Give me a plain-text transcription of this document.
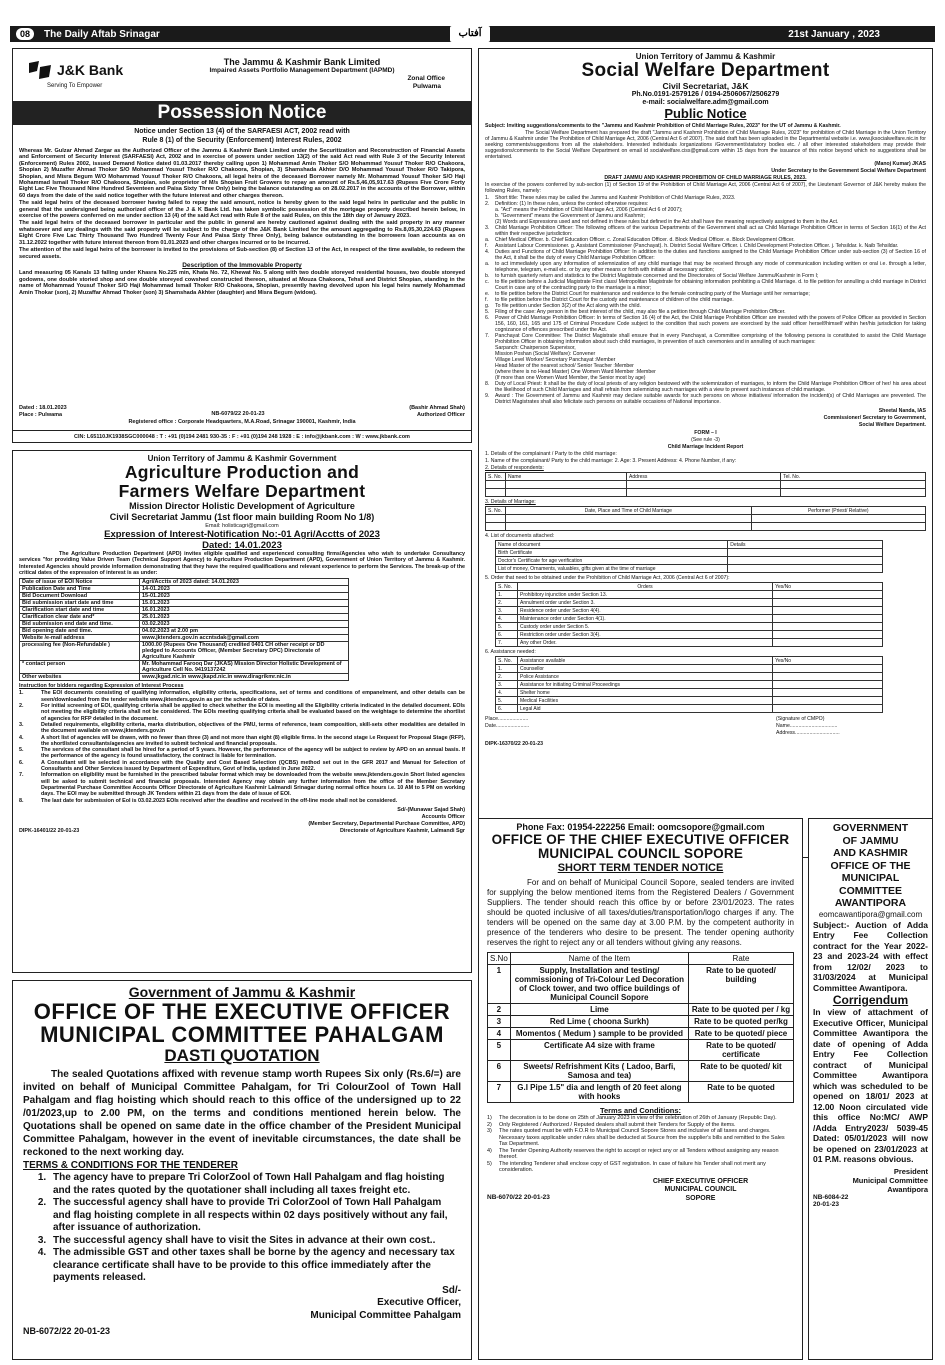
08	The Daily Aftab Srinagar	آفتاب	21st January , 2023
J&K Bank
Serving To Empower
The Jammu & Kashmir Bank Limited
Impaired Assets Portfolio Management Department (IAPMD)
Zonal Office
Pulwama
Possession Notice
Notice under Section 13 (4) of the SARFAESI ACT, 2002 read with
Rule 8 (1) of the Security (Enforcement) Interest Rules, 2002

Whereas Mr. Gulzar Ahmad Zargar as the Authorized Officer of the Jammu & Kashmir Bank Limited under the Securitization and Reconstruction of Financial Assets and Enforcement of Security Interest (SARFAESI) Act, 2002 and in exercise of powers under section 13(2) of the said Act read with Rule 3 of the Security Interest (Enforcement) Rules 2002, issued Demand Notice dated 01.03.2017 thereby calling upon 1) Mohammad Amin Thoker S/O Mohammad Yousuf Thoker R/O Chakoora, Shopian 2) Muzaffer Ahmad Thoker S/O Mohammad Yousuf Thoker R/O Chakoora, Shopian, 3) Shamshada Akhter D/O Mohammad Yousuf Thoker R/O Takipora, Shopian, and Misra Begum W/O Mohammad Yousuf Thoker R/O Chakoora, all legal heirs of the deceased Borrower namely Mr. Mohammad Yousuf Thoker S/O Haji Mohammad Ismail Thoker R/O Chakoora, Shopian, sole proprietor of M/s Shopian Fruit Growers to repay an amount of Rs.5,46,05,917.63 (Rupees Five Crore Forty Eight Lac Five Thousand Nine Hundred Seventeen and Paisa Sixty Three Only) being the balance outstanding as on 28.02.2017 in the accounts of the Borrower, within 60 days from the date of the said notice together with the future interest and other charges thereon.

The said legal heirs of the deceased borrower having failed to repay the said amount, notice is hereby given to the said legal heirs in particular and the public in general that the undersigned being authorized officer of the J & K Bank Ltd. has taken symbolic possession of the mortgage property described herein below, in exercise of the powers conferred on me under section 13 (4) of the said Act read with Rule 8 of the said Rules, on this the 18th day of January 2023.

The said legal heirs of the deceased borrower in particular and the public in general are hereby cautioned against dealing with the said property in any manner whatsoever and any dealings with the said property will be subject to the charge of the J&K Bank Limited for the amount aggregating to Rs.8,05,30,224.63 (Rupees Eight Crore Five Lac Thirty Thousand Two Hundred Twenty Four And Paisa Sixty Three Only), being balance outstanding in the borrowers loan accounts as on 31.12.2022 together with future interest thereon from 01.01.2023 and other charges incurred or to be incurred.

The attention of the said legal heirs of the borrower is invited to the provisions of Sub-section (8) of Section 13 of the Act, in respect of the time available, to redeem the secured assets.

Description of the Immovable Property

Land measuring 05 Kanals 13 falling under Khasra No.225 min, Khata No. 72, Khewat No. 5 along with two double storeyed residential houses, two double storeyed godowns, one double storied shop and one double storeyed cowshed constructed thereon, situated at Mouza Chakoora, Tehsil and District Shopian, standing in the name of Mohammad Yousuf Thoker S/O Haji Mohammad Ismail Thoker R/O Chakoora, Shopian, presently having devolved upon his legal heirs namely Mohammad Amin Thokar (son), 2) Muzaffar Ahmad Thoker (son) 3) Shamshada Akhter (daughter) and Misra Begum (widow).

Dated : 18.01.2023
Place : Pulwama	NB-6079/22 20-01-23
(Bashir Ahmad Shah)
Authorized Officer
Registered office : Corporate Headquarters, M.A.Road, Srinagar 190001, Kashmir, India
CIN: L65110JK1938SGC000048 : T : +91 (0)194 2481 930-35 : F : +91 (0)194 248 1928 : E : info@jkbank.com : W : www.jkbank.com
Union Territory of Jammu & Kashmir
Social Welfare Department
Civil Secretariat, J&K
Ph.No.0191-2579126 / 0194-2506067/2506279
e-mail: socialwelfare.adm@gmail.com
Public Notice

Subject: Inviting suggestions/comments to the "Jammu and Kashmir Prohibition of Child Marriage Rules, 2023" for the UT of Jammu & Kashmir.

The Social Welfare Department has prepared the draft "Jammu and Kashmir Prohibition of Child Marriage Rules, 2023" for prohibition of Child Marriage in the Union Territory of Jammu & Kashmir under The Prohibition of Child Marriage Act, 2006 (Central Act 6 of 2007). The said draft has been uploaded in the Departmental website i.e. www.jksocialwelfare.nic.in for seeking comments/suggestions from all the stakeholders. Interested individuals /organizations /Government/statutory bodies etc. / all other interested stakeholders may provide their suggestions/comments to the Social Welfare Department on email id socialwelfare.ciss@gmail.com within 15 days from the issuance of this notice beyond which no suggestions shall be entertained.

(Manoj Kumar) JKAS

Under Secretary to the Government Social Welfare Department

DRAFT JAMMU AND KASHMIR PROHIBITION OF CHILD MARRIAGE RULES, 2023.

In exercise of the powers conferred by sub-section (1) of Section 19 of the Prohibition of Child Marriage Act, 2006 (Central Act 6 of 2007), the Lieutenant Governor of J&K hereby makes the following Rules, namely:

1.	Short title: These rules may be called the Jammu and Kashmir Prohibition of Child Marriage Rules, 2023.
2.	Definition: (1) In these rules, unless the context otherwise requires:
a. "Act" means the Prohibition of Child Marriage Act, 2006 (Central Act 6 of 2007);
b. "Government" means the Government of Jammu and Kashmir;
(2) Words and Expressions used and not defined in these rules but defined in the Act shall have the meaning respectively assigned to them in the Act.
3.	Child Marriage Prohibition Officer: The following officers of the various Departments of the Government shall act as Child Marriage Prohibition Officer in terms of Section 16(1) of the Act within their respective jurisdiction:
a.	Chief Medical Officer. b. Chief Education Officer. c. Zonal Education Officer. d. Block Medical Officer. e. Block Development Officer.
f.	Assistant Labour Commissioner. g. Assistant Commissioner (Panchayat). h. District Social Welfare Officer. i. Child Development Protection Officer. j. Tehsildar. k. Naib Tehsildar.
4.	Duties and Functions of Child Marriage Prohibition Officer: In addition to the duties and functions assigned to the Child Marriage Prohibition Officer under sub-section (3) of Section 16 of the Act, it shall be the duty of every Child Marriage Prohibition Officer:
a.	to act immediately upon any information of solemnization of any child marriage that may be received through any mode of communication including written or oral i.e. through a letter, telephone, telegram, e-mail etc. or by any other means or forth with initiate all necessary action;
b.	to furnish quarterly return and statistics to the District Magistrate concerned and the Directorates of Social Welfare Jammu/Kashmir in Form I;
c.	to file petition before a Judicial Magistrate First class/ Metropolitan Magistrate for obtaining information prohibiting a Child Marriage. d. to file petition for annulling a child marriage in District Court in case any of the contracting party to the marriage is a minor;
e.	to file petition before the District Court for maintenance and residence to the female contracting party of the Marriage until her remarriage;
f.	to file petition before the District Court for the custody and maintenance of children of the child marriage.
g.	To file petition under Section 3(2) of the Act along with the child.
5.	Filing of the case: Any person in the best interest of the child, may also file a petition through Child Marriage Prohibition Officer.
6.	Power of Child Marriage Prohibition Officer: In terms of Section 16 (4) of the Act, the Child Marriage Prohibition Officer are invested with the powers of Police Officer as provided in Section 156, 160, 161, 165 and 175 of Criminal Procedure Code subject to the condition that such powers are exercised by the said officer herself/himself within her/his jurisdiction for taking cognizance of offences prescribed under the Act.
7.	Panchayat Core Committee: The District Magistrate shall ensure that in every Panchayat, a Committee comprising of the following persons is constituted to assist the Child Marriage Prohibition Officer in obtaining information about such child marriages, in prevention of such ceremonies and in annulling of such marriages:
Sarpanch: Chairperson Supervisor,
Mission Poshan (Social Welfare): Convener
Village Level Worker/ Secretary Panchayat :Member
Head Master of the nearest school/ Senior Teacher :Member
(where there is no Head Master) One Women Ward Member :Member
(If more than one Women Ward Member, the Senior most by age)
8.	Duty of Local Priest: It shall be the duty of local priests of any religion bestowed with the solemnization of marriages, to inform the Child Marriage Prohibition Officer of her/ his area about the likelihood of such Child Marriages and shall refrain from solemnizing such marriages with a view to prevent such instances of child marriage.
9.	Award : The Government of Jammu and Kashmir may declare suitable awards for such persons on whose initiatives/ information the incident(s) of Child Marriages are prevented. The District Magistrates shall also felicitate such persons on suitable occasions of National importance.

Sheetal Nanda, IAS

Commissioner/ Secretary to Government,

Social Welfare Department.

FORM – I

(See rule -3)

Child Marriage Incident Report

1. Details of the complainant / Party to the child marriage:

1. Name of the complainant/ Party to the child marriage: 2. Age: 3. Present Address: 4. Phone Number, if any:

2. Details of respondents:

S. No.	Name	Address	Tel. No.

3. Details of Marriage:

S. No.	Date, Place and Time of Child Marriage	Performer (Priest/ Relative)

4. List of documents attached:

Name of document	Details
Birth Certificate	
Doctor's Certificate for age verification	
List of money, Ornaments, valuables, gifts given at the time of marriage	

5. Order that need to be obtained under the Prohibition of Child Marriage Act, 2006 (Central Act 6 of 2007):

S. No.	Orders	Yes/No
1.	Prohibitory injunction under Section 13.	
2.	Annulment order under Section 3.	
3.	Residence order under Section 4(4).	
4.	Maintenance order under Section 4(1).	
5.	Custody order under Section 5.	
6.	Restriction order under Section 3(4).	
7.	Any other Order.	

6. Assistance needed:

S. No.	Assistance available	Yes/No
1.	Counsellor	
2.	Police Assistance	
3.	Assistance for initiating Criminal Proceedings	
4.	Shelter home	
5.	Medical Facilities	
6.	Legal Aid	

Place.....................

Date.......................

(Signature of CMPO)

Name.................................

Address...............................

DIPK-16370/22 20-01-23

Union Territory of Jammu & Kashmir Government
Agriculture Production and
Farmers Welfare Department
Mission Director Holistic Development of Agriculture
Civil Secretariat Jammu (1st floor main building Room No 1/8)
Email: holisticagri@gmail.com
Expression of Interest-Notification No:-01 Agri/Acctts of 2023
Dated: 14.01.2023

The Agriculture Production Department (APD) invites eligible qualified and experienced consulting firms/Agencies who wish to undertake Consultancy services "for providing Value Driven Team (Technical Support Agency) to Agriculture Production Department (APD), Government of Union Territory of Jammu & Kashmir. Interested Agencies should provide information demonstrating that they have the required qualifications and relevant experience to perform the Services. The break-up of the critical dates of the expression of interest is as under:

Date of issue of EOI Notice	Agri/Acctts of 2023 dated: 14.01.2023
Publication Date and Time	14-01.2023
Bid Document Download	15-01.2023
Bid submission start date and time	15.01.2023
Clarification start date and time	16.01.2023
Clarification clear date and*	25.01.2023
Bid submission end date and time.	03.02.2023
Bid opening date and time.	04.02.2023 at 2.00 pm
Website /e-mail address	www.jktenders.gov.in accntsdak@gmail.com
processing fee (Non-Refundable )	1000.00 (Rupees One Thousand) credited 0401 CH other receipt or DD pledged to Accounts Officer, (Member Secretary DPC) Directorate of Agriculture Kashmir
* contact person	Mr. Mohammad Farooq Dar (JKAS) Mission Director Holistic Development of Agriculture Cell No. 9419137242
Other websites	www.jkgad.nic.in www.jkapd.nic.in www.diragrikmr.nic.in

Instruction for bidders regarding Expression of Interest Process

1.	The EOI documents consisting of qualifying information, eligibility criteria, specifications, set of terms and conditions of empanelment, and other details can be seen/downloaded from the tender website www.jktenders.gov.in as per the schedule of dates.
2.	For initial screening of EOI, qualifying criteria shall be applied to check whether the EOI is meeting all the Eligibility criteria indicated in the detailed document. EOIs not meeting the eligibility criteria shall not be considered. The EOIs meeting qualifying criteria shall be evaluated based on the weightage to determine the shortlist of agencies for RFP detailed in the document.
3.	Detailed requirements, eligibility criteria, marks distribution, objectives of the PMU, terms of reference, team composition, skill-sets other modalities are detailed in the document available on www.jktenders.gov.in
4.	A short list of agencies will be drawn, with no fewer than three (3) and not more than eight (8) eligible firms. In the second stage i.e Request for Proposal Stage (RFP), the shortlisted consultants/agencies are invited to submit technical and financial proposals.
5.	The services of the consultant shall be hired for a period of 5 years. However, the performance of the agency will be subject to review by APD on an annual basis. If the performance of the agency is found unsatisfactory, the contract is liable for termination.
6.	A Consultant will be selected in accordance with the Quality and Cost Based Selection (QCBS) method set out in the GFR 2017 and Manual for Selection of Consultants and Other Services issued by Department of Expenditure, Govt of India, updated in June 2022.
7.	Information on eligibility must be furnished in the prescribed tabular format which may be downloaded from the website www.jktenders.gov.in Short listed agencies will be asked to submit technical and financial proposals. Interested Agency may obtain any further information from the office of the Member Secretary Departmental Purchase Committee Accounts Officer Directorate of Agriculture Kashmir Lalmandi Srinagar during normal office hours i.e. 10 AM to 5 PM on working days. The EOI may be submitted through JK Tenders within 21 days from the date of issue of EOI.
8.	The last date for submission of EoI is 03.02.2023 EOIs received after the deadline and received in the off-line mode shall not be considered.

Sd/-(Munawar Sajad Shah)

Accounts Officer

(Member Secretary, Departmental Purchase Committee, APD)
DIPK-16401/22 20-01-23	Directorate of Agriculture Kashmir, Lalmandi Sgr
Government of Jammu & Kashmir
OFFICE OF THE EXECUTIVE OFFICER
MUNICIPAL COMMITTEE PAHALGAM
DASTI QUOTATION

The sealed Quotations affixed with revenue stamp worth Rupees Six only (Rs.6/=) are invited on behalf of Municipal Committee Pahalgam, for Tri ColourZool of Town Hall Pahalgam and flag hoisting which should reach to this office of the undersigned up to 22 /01/2023,up to 2.00 PM, on the terms and conditions mentioned herein below. The Quotations shall be opened on same date in the office chamber of the President Municipal Committee Pahalgam, however in the event of inevitable circumstances, the date shall be reckoned to the next working day.

TERMS & CONDITIONS FOR THE TENDERER

1. The agency have to prepare Tri ColorZool of Town Hall Pahalgam and flag hoisting and the rates quoted by the quotationer shall including all taxes freight etc.
2. The successful agency shall have to provide Tri ColorZool of Town Hall Pahalgam and flag hoisting complete in all respects within 02 days positively without any fail, after issuance of authorization.
3. The successful agency shall have to visit the Sites in advance at their own cost..
4. The admissible GST and other taxes shall be borne by the agency and necessary tax clearance certificate shall have to be provide to this office immediately after the payments released.
Sd/-
Executive Officer,
Municipal Committee Pahalgam
NB-6072/22 20-01-23
Phone Fax: 01954-222256 Email: oomcsopore@gmail.com
OFFICE OF THE CHIEF EXECUTIVE OFFICER
MUNICIPAL COUNCIL SOPORE
SHORT TERM TENDER NOTICE

For and on behalf of Municipal Council Sopore, sealed tenders are invited for supplying the below mentioned items from the Registered Dealers / Government Suppliers. The tender should reach this office by or before 23/01/2023. The rates should be quoted inclusive of all taxes/duties/transportation/logo charges if any. The tenders will be opened on the same day at 3.00 P.M. by the competent authority in presence of the tenderers who desire to be present. The tender opening authority reserves the right to reject any or all tenders without giving any reasons.

S.No	Name of the Item	Rate
1	Supply, Installation and testing/ commissioning of Tri-Colour Led Decoration of Clock tower, and two office buildings of Municipal Council Sopore	Rate to be quoted/ building
2	Lime	Rate to be quoted per / kg
3	Red Lime ( choona Surkh)	Rate to be quoted per/kg
4	Momentos ( Medum ) sample to be provided	Rate to be quoted/ piece
5	Certificate A4 size with frame	Rate to be quoted/ certificate
6	Sweets/ Refrishment Kits ( Ladoo, Barfi, Samosa and tea)	Rate to be quoted/ kit
7	G.I Pipe 1.5" dia and length of 20 feet along with hooks	Rate to be quoted

Terms and Conditions:

1)	The decoration is to be done on 25th of January 2023 in view of the celebration of 26th of January (Republic Day).
2)	Only Registered / Authorized / Reputed dealers shall submit their Tenders for Supply of the items.
3)	The rates quoted must be with F.O.R to Municipal Council Sopore Stores and inclusive of all taxes and charges. Necessary taxes applicable under rules shall be deducted at Source from the supplier's bills and remitted to the Sales Tax Department.
4)	The Tender Opening Authority reserves the right to accept or reject any or all Tenders without assigning any reason thereof.
5)	The intending Tenderer shall enclose copy of GST registration. In case of failure his Tender shall not merit any consideration.
CHIEF EXECUTIVE OFFICER
MUNICIPAL COUNCIL
SOPORE
NB-6070/22 20-01-23
GOVERNMENT
OF JAMMU
AND KASHMIR
OFFICE OF THE
MUNICIPAL
COMMITTEE
AWANTIPORA
eomcawantipora@gmail.com

Subject:- Auction of Adda Entry Fee Collection contract for the Year 2022-23 and 2023-24 with effect from 12/02/ 2023 to 31/03/2024 at Municipal Committee Awantipora.

Corrigendum

In view of attachment of Executive Officer, Municipal Committee Awantipora the date of opening of Adda Entry Fee Collection contract of Municipal Committee Awantipora which was scheduled to be opened on 18/01/ 2023 at 12.00 Noon circulated vide this office No:MC/ AWP /Adda Entry2023/ 5039-45 Dated: 05/01/2023 will now be opened on 23/01/2023 at 01 P.M. reasons obvious.

President
Municipal Committee
Awantipora
NB-6084-22
20-01-23
